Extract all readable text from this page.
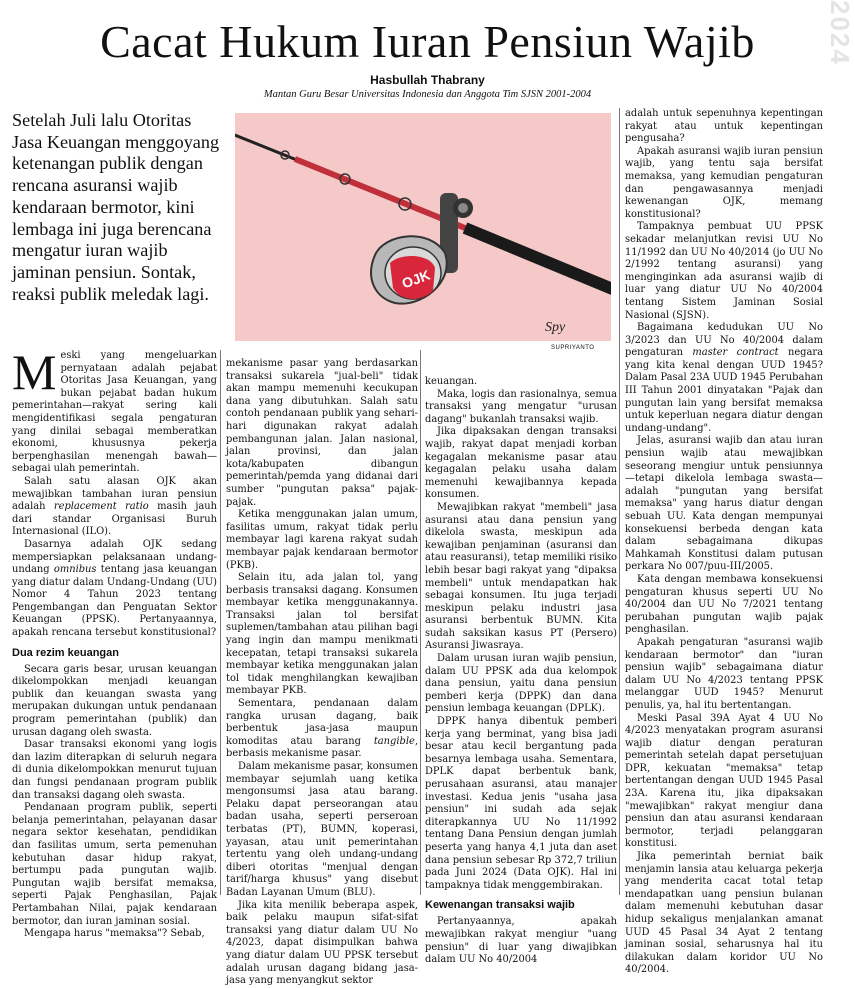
2024
Cacat Hukum Iuran Pensiun Wajib
Hasbullah Thabrany
Mantan Guru Besar Universitas Indonesia dan Anggota Tim SJSN 2001-2004

Setelah Juli lalu Otoritas Jasa Keuangan menggoyang ketenangan publik dengan rencana asuransi wajib kendaraan bermotor, kini lembaga ini juga berencana mengatur iuran wajib jaminan pensiun. Sontak, reaksi publik meledak lagi.

OJK
Spy
SUPRIYANTO

Meski yang mengeluarkan pernyataan adalah pejabat Otoritas Jasa Keuangan, yang bukan pejabat badan hukum pemerintahan—rakyat sering kali mengidentifikasi segala pengaturan yang dinilai sebagai memberatkan ekonomi, khususnya pekerja berpenghasilan menengah bawah—sebagai ulah pemerintah.

Salah satu alasan OJK akan mewajibkan tambahan iuran pensiun adalah replacement ratio masih jauh dari standar Organisasi Buruh Internasional (ILO).

Dasarnya adalah OJK sedang mempersiapkan pelaksanaan undang-undang omnibus tentang jasa keuangan yang diatur dalam Undang-Undang (UU) Nomor 4 Tahun 2023 tentang Pengembangan dan Penguatan Sektor Keuangan (PPSK). Pertanyaannya, apakah rencana tersebut konstitusional?

Dua rezim keuangan

Secara garis besar, urusan keuangan dikelompokkan menjadi keuangan publik dan keuangan swasta yang merupakan dukungan untuk pendanaan program pemerintahan (publik) dan urusan dagang oleh swasta.

Dasar transaksi ekonomi yang logis dan lazim diterapkan di seluruh negara di dunia dikelompokkan menurut tujuan dan fungsi pendanaan program publik dan transaksi dagang oleh swasta.

Pendanaan program publik, seperti belanja pemerintahan, pelayanan dasar negara sektor kesehatan, pendidikan dan fasilitas umum, serta pemenuhan kebutuhan dasar hidup rakyat, bertumpu pada pungutan wajib. Pungutan wajib bersifat memaksa, seperti Pajak Penghasilan, Pajak Pertambahan Nilai, pajak kendaraan bermotor, dan iuran jaminan sosial.

Mengapa harus "memaksa"? Sebab,

mekanisme pasar yang berdasarkan transaksi sukarela "jual-beli" tidak akan mampu memenuhi kecukupan dana yang dibutuhkan. Salah satu contoh pendanaan publik yang sehari-hari digunakan rakyat adalah pembangunan jalan. Jalan nasional, jalan provinsi, dan jalan kota/kabupaten dibangun pemerintah/pemda yang didanai dari sumber "pungutan paksa" pajak-pajak.

Ketika menggunakan jalan umum, fasilitas umum, rakyat tidak perlu membayar lagi karena rakyat sudah membayar pajak kendaraan bermotor (PKB).

Selain itu, ada jalan tol, yang berbasis transaksi dagang. Konsumen membayar ketika menggunakannya. Transaksi jalan tol bersifat suplemen/tambahan atau pilihan bagi yang ingin dan mampu menikmati kecepatan, tetapi transaksi sukarela membayar ketika menggunakan jalan tol tidak menghilangkan kewajiban membayar PKB.

Sementara, pendanaan dalam rangka urusan dagang, baik berbentuk jasa-jasa maupun komoditas atau barang tangible, berbasis mekanisme pasar.

Dalam mekanisme pasar, konsumen membayar sejumlah uang ketika mengonsumsi jasa atau barang. Pelaku dapat perseorangan atau badan usaha, seperti perseroan terbatas (PT), BUMN, koperasi, yayasan, atau unit pemerintahan tertentu yang oleh undang-undang diberi otoritas "menjual dengan tarif/harga khusus" yang disebut Badan Layanan Umum (BLU).

Jika kita menilik beberapa aspek, baik pelaku maupun sifat-sifat transaksi yang diatur dalam UU No 4/2023, dapat disimpulkan bahwa yang diatur dalam UU PPSK tersebut adalah urusan dagang bidang jasa-jasa yang menyangkut sektor

keuangan.

Maka, logis dan rasionalnya, semua transaksi yang mengatur "urusan dagang" bukanlah transaksi wajib.

Jika dipaksakan dengan transaksi wajib, rakyat dapat menjadi korban kegagalan mekanisme pasar atau kegagalan pelaku usaha dalam memenuhi kewajibannya kepada konsumen.

Mewajibkan rakyat "membeli" jasa asuransi atau dana pensiun yang dikelola swasta, meskipun ada kewajiban penjaminan (asuransi dan atau reasuransi), tetap memiliki risiko lebih besar bagi rakyat yang "dipaksa membeli" untuk mendapatkan hak sebagai konsumen. Itu juga terjadi meskipun pelaku industri jasa asuransi berbentuk BUMN. Kita sudah saksikan kasus PT (Persero) Asuransi Jiwasraya.

Dalam urusan iuran wajib pensiun, dalam UU PPSK ada dua kelompok dana pensiun, yaitu dana pensiun pemberi kerja (DPPK) dan dana pensiun lembaga keuangan (DPLK).

DPPK hanya dibentuk pemberi kerja yang berminat, yang bisa jadi besar atau kecil bergantung pada besarnya lembaga usaha. Sementara, DPLK dapat berbentuk bank, perusahaan asuransi, atau manajer investasi. Kedua jenis "usaha jasa pensiun" ini sudah ada sejak diterapkannya UU No 11/1992 tentang Dana Pensiun dengan jumlah peserta yang hanya 4,1 juta dan aset dana pensiun sebesar Rp 372,7 triliun pada Juni 2024 (Data OJK). Hal ini tampaknya tidak menggembirakan.

Kewenangan transaksi wajib

Pertanyaannya, apakah mewajibkan rakyat mengiur "uang pensiun" di luar yang diwajibkan dalam UU No 40/2004

adalah untuk sepenuhnya kepentingan rakyat atau untuk kepentingan pengusaha?

Apakah asuransi wajib iuran pensiun wajib, yang tentu saja bersifat memaksa, yang kemudian pengaturan dan pengawasannya menjadi kewenangan OJK, memang konstitusional?

Tampaknya pembuat UU PPSK sekadar melanjutkan revisi UU No 11/1992 dan UU No 40/2014 (jo UU No 2/1992 tentang asuransi) yang menginginkan ada asuransi wajib di luar yang diatur UU No 40/2004 tentang Sistem Jaminan Sosial Nasional (SJSN).

Bagaimana kedudukan UU No 3/2023 dan UU No 40/2004 dalam pengaturan master contract negara yang kita kenal dengan UUD 1945? Dalam Pasal 23A UUD 1945 Perubahan III Tahun 2001 dinyatakan "Pajak dan pungutan lain yang bersifat memaksa untuk keperluan negara diatur dengan undang-undang".

Jelas, asuransi wajib dan atau iuran pensiun wajib atau mewajibkan seseorang mengiur untuk pensiunnya—tetapi dikelola lembaga swasta—adalah "pungutan yang bersifat memaksa" yang harus diatur dengan sebuah UU. Kata dengan mempunyai konsekuensi berbeda dengan kata dalam sebagaimana dikupas Mahkamah Konstitusi dalam putusan perkara No 007/puu-III/2005.

Kata dengan membawa konsekuensi pengaturan khusus seperti UU No 40/2004 dan UU No 7/2021 tentang perubahan pungutan wajib pajak penghasilan.

Apakah pengaturan "asuransi wajib kendaraan bermotor" dan "iuran pensiun wajib" sebagaimana diatur dalam UU No 4/2023 tentang PPSK melanggar UUD 1945? Menurut penulis, ya, hal itu bertentangan.

Meski Pasal 39A Ayat 4 UU No 4/2023 menyatakan program asuransi wajib diatur dengan peraturan pemerintah setelah dapat persetujuan DPR, kekuatan "memaksa" tetap bertentangan dengan UUD 1945 Pasal 23A. Karena itu, jika dipaksakan "mewajibkan" rakyat mengiur dana pensiun dan atau asuransi kendaraan bermotor, terjadi pelanggaran konstitusi.

Jika pemerintah berniat baik menjamin lansia atau keluarga pekerja yang menderita cacat total tetap mendapatkan uang pensiun bulanan dalam memenuhi kebutuhan dasar hidup sekaligus menjalankan amanat UUD 45 Pasal 34 Ayat 2 tentang jaminan sosial, seharusnya hal itu dilakukan dalam koridor UU No 40/2004.
